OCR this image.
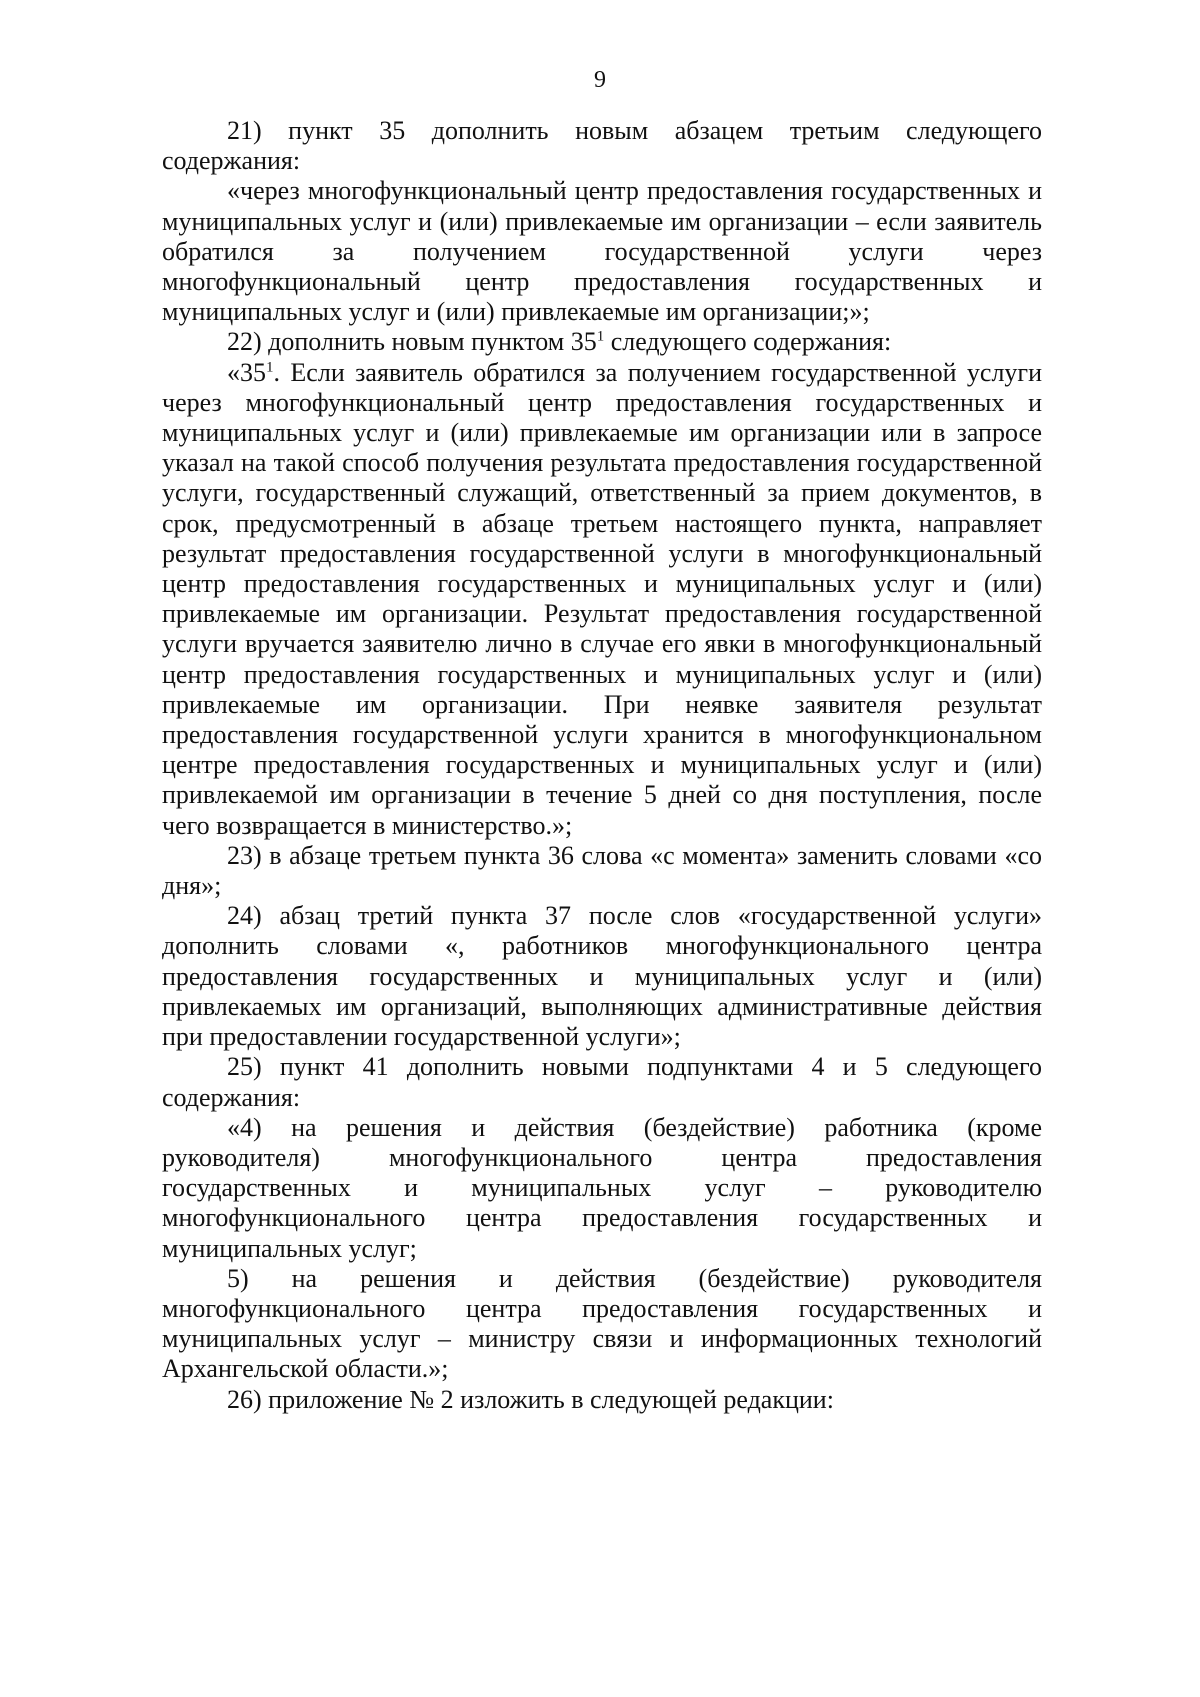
9

21) пункт 35 дополнить новым абзацем третьим следующего содержания:

«через многофункциональный центр предоставления государственных и муниципальных услуг и (или) привлекаемые им организации – если заявитель обратился за получением государственной услуги через многофункциональный центр предоставления государственных и муниципальных услуг и (или) привлекаемые им организации;»;

22) дополнить новым пунктом $35^1$ следующего содержания:

«$35^1$. Если заявитель обратился за получением государственной услуги через многофункциональный центр предоставления государственных и муниципальных услуг и (или) привлекаемые им организации или в запросе указал на такой способ получения результата предоставления государственной услуги, государственный служащий, ответственный за прием документов, в срок, предусмотренный в абзаце третьем настоящего пункта, направляет результат предоставления государственной услуги в многофункциональный центр предоставления государственных и муниципальных услуг и (или) привлекаемые им организации. Результат предоставления государственной услуги вручается заявителю лично в случае его явки в многофункциональный центр предоставления государственных и муниципальных услуг и (или) привлекаемые им организации. При неявке заявителя результат предоставления государственной услуги хранится в многофункциональном центре предоставления государственных и муниципальных услуг и (или) привлекаемой им организации в течение 5 дней со дня поступления, после чего возвращается в министерство.»;

23) в абзаце третьем пункта 36 слова «с момента» заменить словами «со дня»;

24) абзац третий пункта 37 после слов «государственной услуги» дополнить словами «, работников многофункционального центра предоставления государственных и муниципальных услуг и (или) привлекаемых им организаций, выполняющих административные действия при предоставлении государственной услуги»;

25) пункт 41 дополнить новыми подпунктами 4 и 5 следующего содержания:

«4) на решения и действия (бездействие) работника (кроме руководителя) многофункционального центра предоставления государственных и муниципальных услуг – руководителю многофункционального центра предоставления государственных и муниципальных услуг;

5) на решения и действия (бездействие) руководителя многофункционального центра предоставления государственных и муниципальных услуг – министру связи и информационных технологий Архангельской области.»;

26) приложение № 2 изложить в следующей редакции:
